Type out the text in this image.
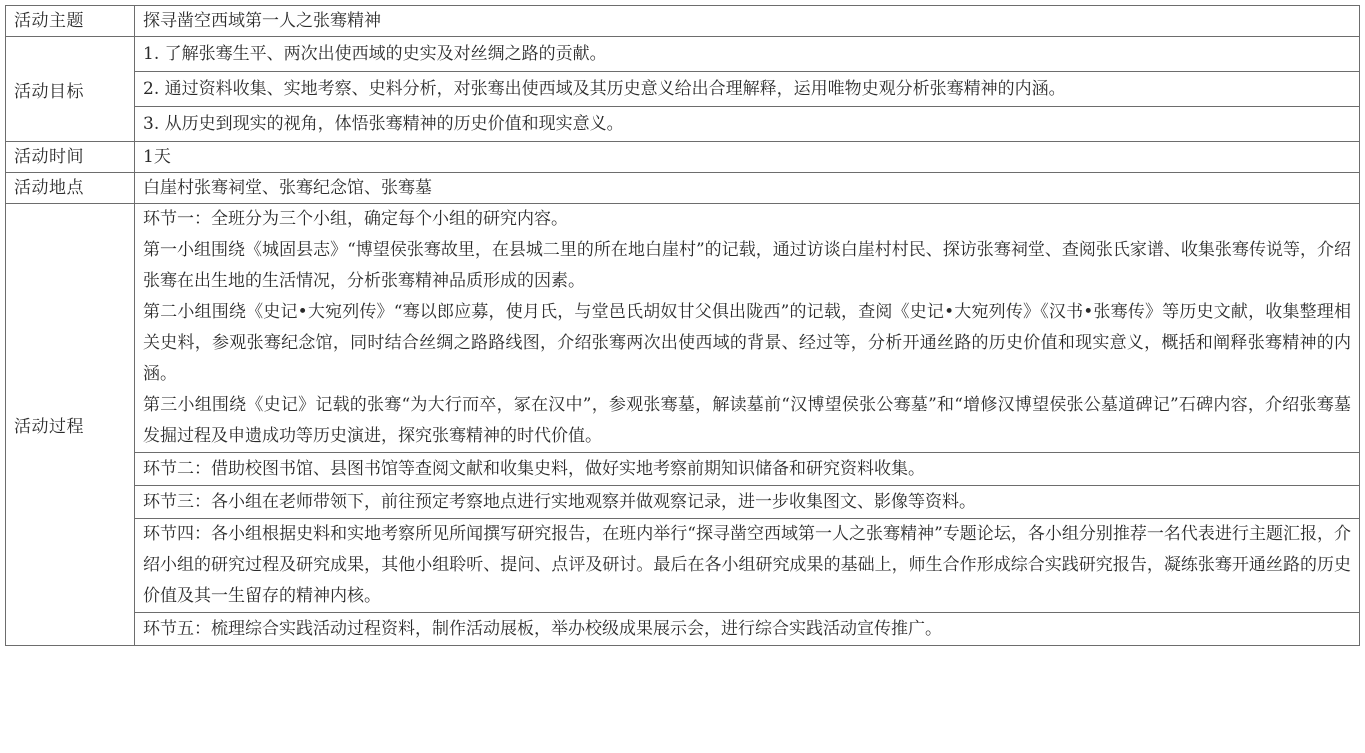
活动主题	探寻凿空西域第一人之张骞精神
活动目标	1. 了解张骞生平、两次出使西域的史实及对丝绸之路的贡献。
	2. 通过资料收集、实地考察、史料分析，对张骞出使西域及其历史意义给出合理解释，运用唯物史观分析张骞精神的内涵。
	3. 从历史到现实的视角，体悟张骞精神的历史价值和现实意义。
活动时间	1天
活动地点	白崖村张骞祠堂、张骞纪念馆、张骞墓
活动过程	环节一：全班分为三个小组，确定每个小组的研究内容。

第一小组围绕《城固县志》“博望侯张骞故里，在县城二里的所在地白崖村”的记载，通过访谈白崖村村民、探访张骞祠堂、查阅张氏家谱、收集张骞传说等，介绍张骞在出生地的生活情况，分析张骞精神品质形成的因素。

第二小组围绕《史记•大宛列传》“骞以郎应募，使月氏，与堂邑氏胡奴甘父俱出陇西”的记载，查阅《史记•大宛列传》《汉书•张骞传》等历史文献，收集整理相关史料，参观张骞纪念馆，同时结合丝绸之路路线图，介绍张骞两次出使西域的背景、经过等，分析开通丝路的历史价值和现实意义，概括和阐释张骞精神的内涵。

第三小组围绕《史记》记载的张骞“为大行而卒，冢在汉中”，参观张骞墓，解读墓前“汉博望侯张公骞墓”和“增修汉博望侯张公墓道碑记”石碑内容，介绍张骞墓发掘过程及申遗成功等历史演进，探究张骞精神的时代价值。

	环节二：借助校图书馆、县图书馆等查阅文献和收集史料，做好实地考察前期知识储备和研究资料收集。
	环节三：各小组在老师带领下，前往预定考察地点进行实地观察并做观察记录，进一步收集图文、影像等资料。
	环节四：各小组根据史料和实地考察所见所闻撰写研究报告，在班内举行“探寻凿空西域第一人之张骞精神”专题论坛，各小组分别推荐一名代表进行主题汇报，介绍小组的研究过程及研究成果，其他小组聆听、提问、点评及研讨。最后在各小组研究成果的基础上，师生合作形成综合实践研究报告，凝练张骞开通丝路的历史价值及其一生留存的精神内核。
	环节五：梳理综合实践活动过程资料，制作活动展板，举办校级成果展示会，进行综合实践活动宣传推广。
